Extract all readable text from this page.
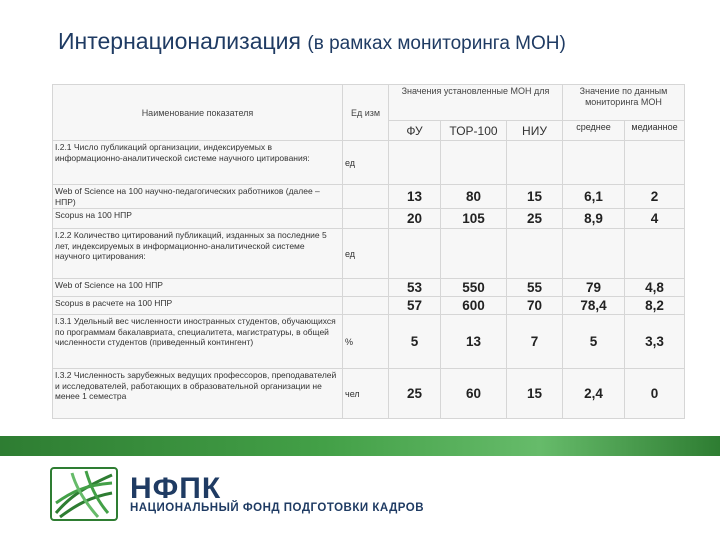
Интернационализация (в рамках мониторинга МОН)
Наименование показателя	Ед изм	Значения установленные МОН для			Значение по данным мониторинга МОН	
		ФУ	ТОР-100	НИУ	среднее	медианное
I.2.1 Число публикаций организации, индексируемых в информационно-аналитической системе научного цитирования:	ед					
Web of Science на 100 научно-педагогических работников (далее – НПР)		13	80	15	6,1	2
Scopus на 100 НПР		20	105	25	8,9	4
I.2.2 Количество цитирований публикаций, изданных за последние 5 лет, индексируемых в информационно-аналитической системе научного цитирования:	ед					
Web of Science на 100 НПР		53	550	55	79	4,8
Scopus в расчете на 100 НПР		57	600	70	78,4	8,2
I.3.1 Удельный вес численности иностранных студентов, обучающихся по программам бакалавриата, специалитета, магистратуры, в общей численности студентов (приведенный контингент)	%	5	13	7	5	3,3
I.3.2 Численность зарубежных ведущих профессоров, преподавателей и исследователей, работающих в образовательной организации не менее 1 семестра	чел	25	60	15	2,4	0
НФПК
НАЦИОНАЛЬНЫЙ ФОНД ПОДГОТОВКИ КАДРОВ
